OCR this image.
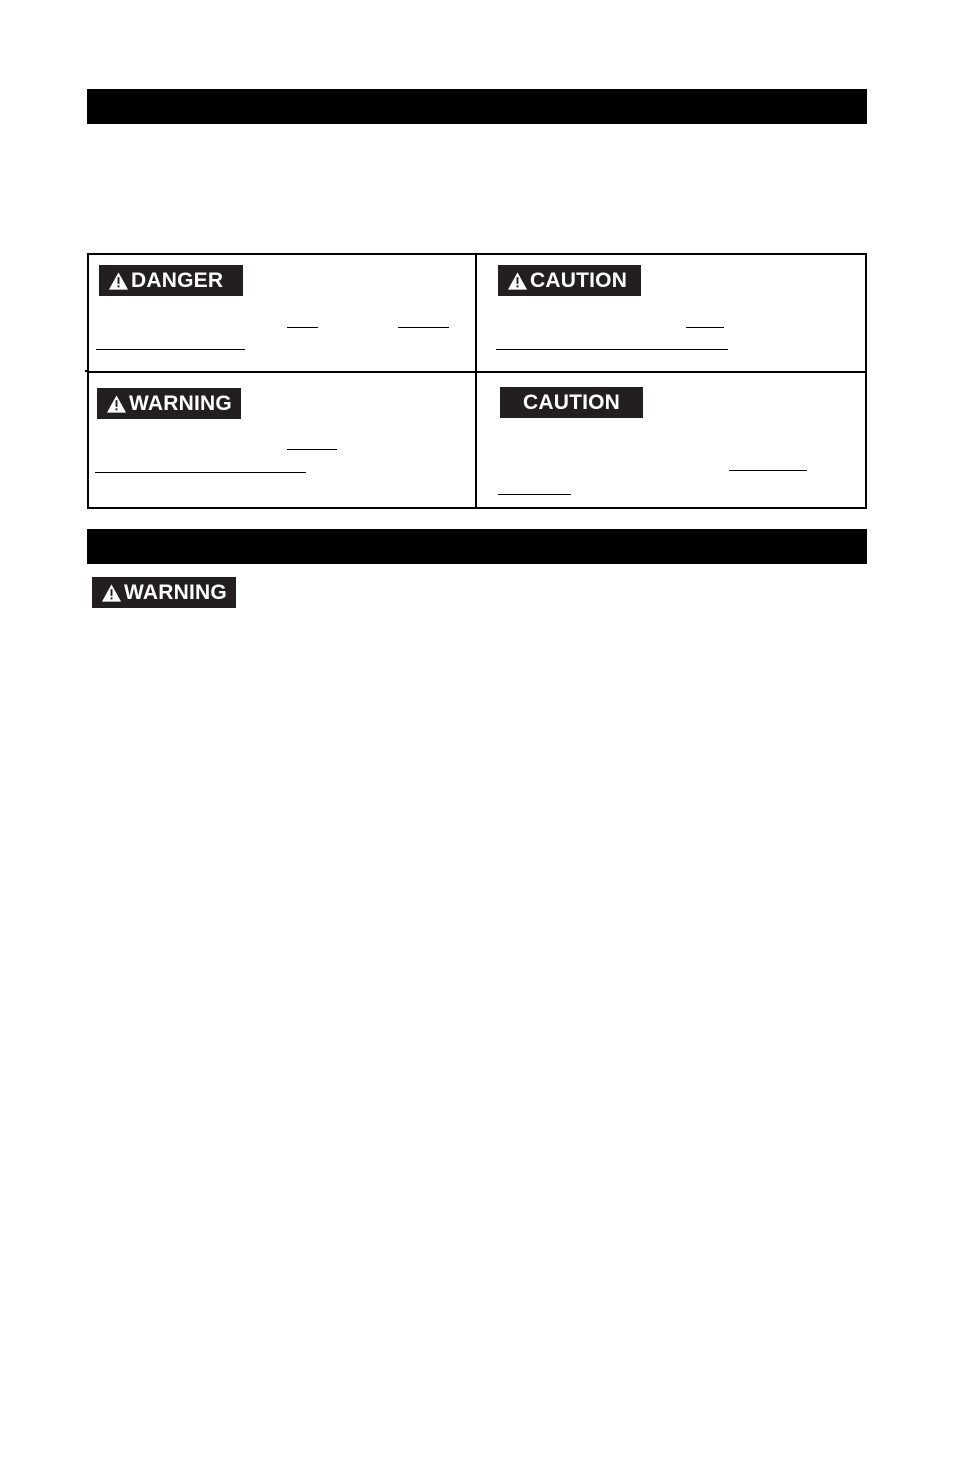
DANGER	CAUTION
WARNING	CAUTION
WARNING
